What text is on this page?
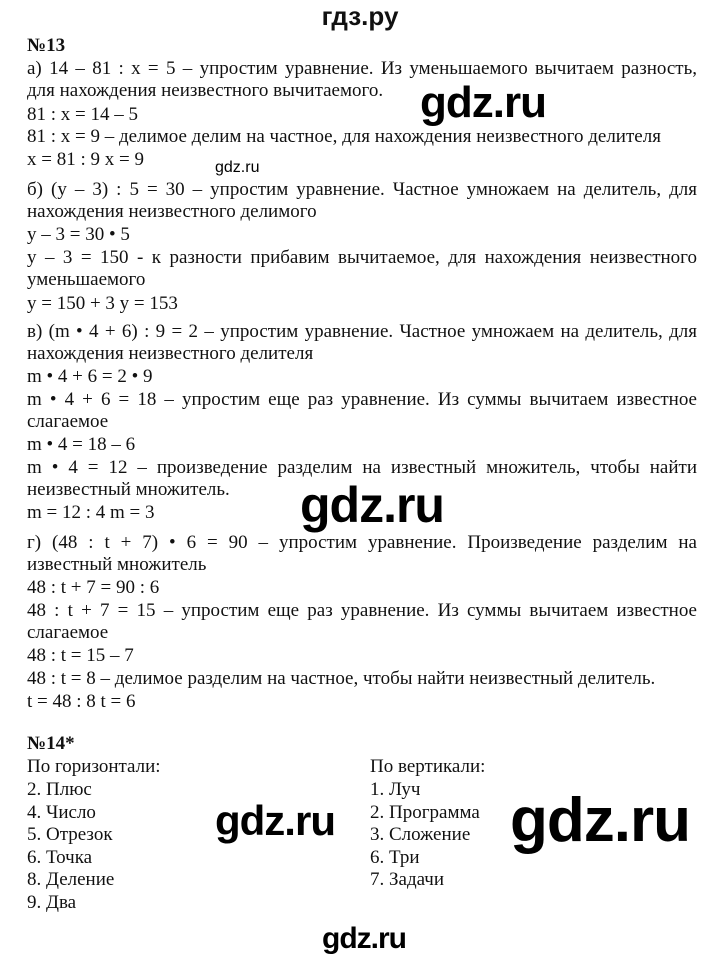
гдз.ру
№13
а) 14 – 81 : x = 5 – упростим уравнение. Из уменьшаемого вычитаем разность,
для нахождения неизвестного вычитаемого.
81 : x = 14 – 5
81 : x = 9 – делимое делим на частное, для нахождения неизвестного делителя
x = 81 : 9 x = 9
б) (y – 3) : 5 = 30 – упростим уравнение. Частное умножаем на делитель, для
нахождения неизвестного делимого
y – 3 = 30 • 5
y – 3 = 150 - к разности прибавим вычитаемое, для нахождения неизвестного
уменьшаемого
y = 150 + 3 y = 153
в) (m • 4 + 6) : 9 = 2 – упростим уравнение. Частное умножаем на делитель, для
нахождения неизвестного делителя
m • 4 + 6 = 2 • 9
m • 4 + 6 = 18 – упростим еще раз уравнение. Из суммы вычитаем известное
слагаемое
m • 4 = 18 – 6
m • 4 = 12 – произведение разделим на известный множитель, чтобы найти
неизвестный множитель.
m = 12 : 4 m = 3
г) (48 : t + 7) • 6 = 90 – упростим уравнение. Произведение разделим на
известный множитель
48 : t + 7 = 90 : 6
48 : t + 7 = 15 – упростим еще раз уравнение. Из суммы вычитаем известное
слагаемое
48 : t = 15 – 7
48 : t = 8 – делимое разделим на частное, чтобы найти неизвестный делитель.
t = 48 : 8 t = 6
№14*
По горизонтали:	По вертикали:
2. Плюс
4. Число
5. Отрезок
6. Точка
8. Деление
9. Два
1. Луч
2. Программа
3. Сложение
6. Три
7. Задачи
gdz.ru
gdz.ru
gdz.ru
gdz.ru	gdz.ru
gdz.ru
